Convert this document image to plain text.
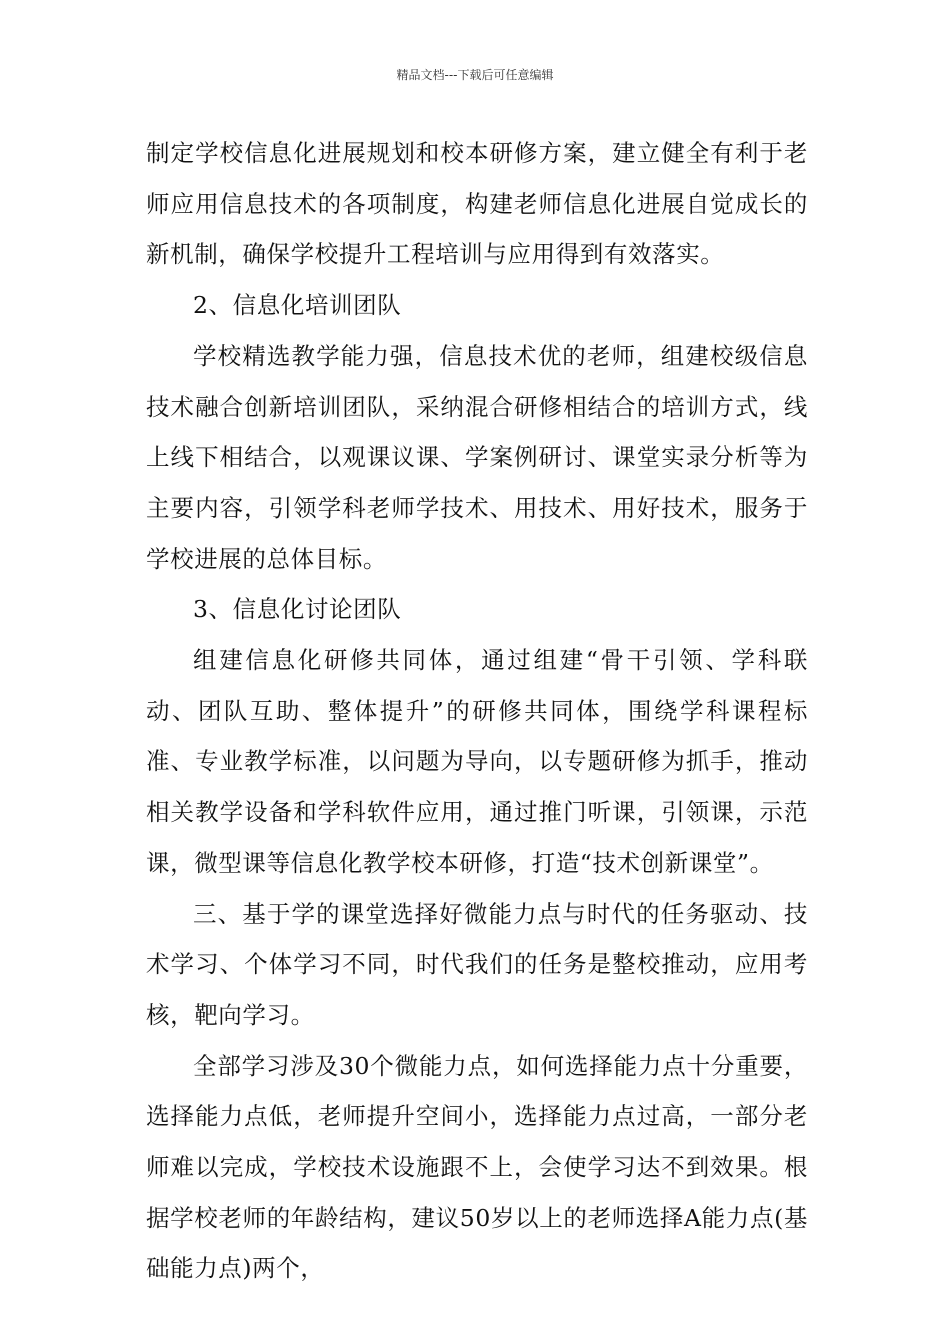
精品文档---下载后可任意编辑

制定学校信息化进展规划和校本研修方案，建立健全有利于老师应用信息技术的各项制度，构建老师信息化进展自觉成长的新机制，确保学校提升工程培训与应用得到有效落实。

2、信息化培训团队

学校精选教学能力强，信息技术优的老师，组建校级信息技术融合创新培训团队，采纳混合研修相结合的培训方式，线上线下相结合，以观课议课、学案例研讨、课堂实录分析等为主要内容，引领学科老师学技术、用技术、用好技术，服务于学校进展的总体目标。

3、信息化讨论团队

组建信息化研修共同体，通过组建“骨干引领、学科联动、团队互助、整体提升”的研修共同体，围绕学科课程标准、专业教学标准，以问题为导向，以专题研修为抓手，推动相关教学设备和学科软件应用，通过推门听课，引领课，示范课，微型课等信息化教学校本研修，打造“技术创新课堂”。

三、基于学的课堂选择好微能力点与时代的任务驱动、技术学习、个体学习不同，时代我们的任务是整校推动，应用考核，靶向学习。

全部学习涉及30个微能力点，如何选择能力点十分重要，选择能力点低，老师提升空间小，选择能力点过高，一部分老师难以完成，学校技术设施跟不上，会使学习达不到效果。根据学校老师的年龄结构，建议50岁以上的老师选择A能力点(基础能力点)两个，
